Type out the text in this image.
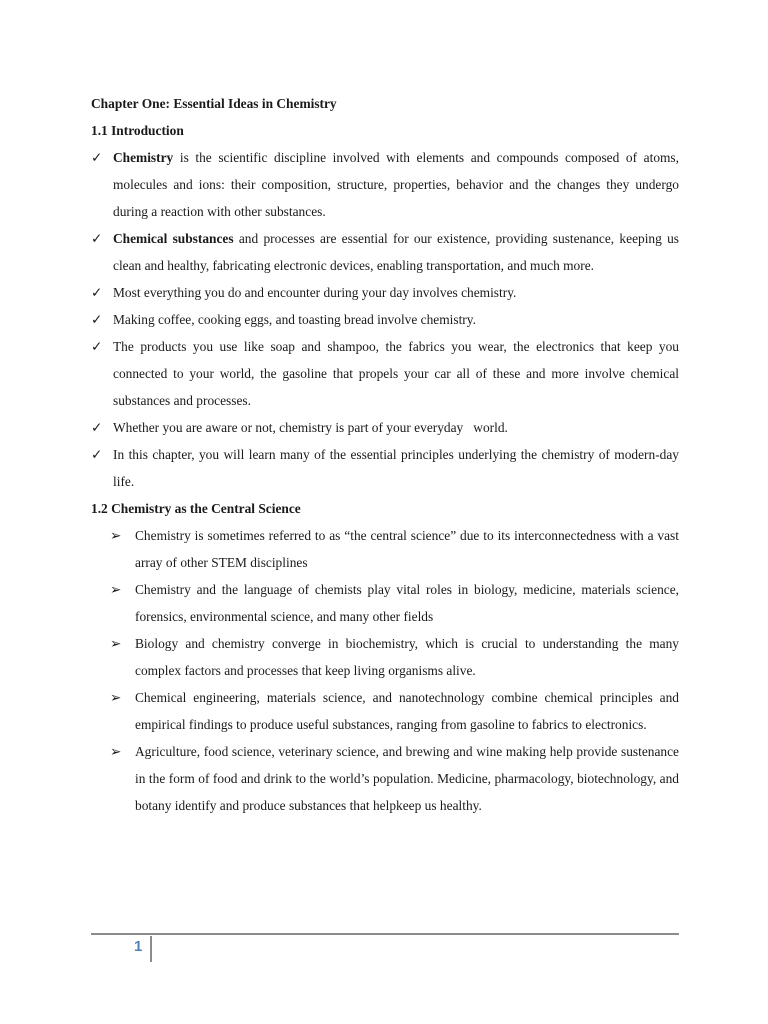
Chapter One: Essential Ideas in Chemistry

1.1 Introduction

✓ Chemistry is the scientific discipline involved with elements and compounds composed of atoms, molecules and ions: their composition, structure, properties, behavior and the changes they undergo during a reaction with other substances.
✓ Chemical substances and processes are essential for our existence, providing sustenance, keeping us clean and healthy, fabricating electronic devices, enabling transportation, and much more.
✓ Most everything you do and encounter during your day involves chemistry.
✓ Making coffee, cooking eggs, and toasting bread involve chemistry.
✓ The products you use like soap and shampoo, the fabrics you wear, the electronics that keep you connected to your world, the gasoline that propels your car all of these and more involve chemical substances and processes.
✓ Whether you are aware or not, chemistry is part of your everyday   world.
✓ In this chapter, you will learn many of the essential principles underlying the chemistry of modern-day life.

1.2 Chemistry as the Central Science

➢	Chemistry is sometimes referred to as “the central science” due to its interconnectedness with a vast array of other STEM disciplines
➢	Chemistry and the language of chemists play vital roles in biology, medicine, materials science, forensics, environmental science, and many other fields
➢	Biology and chemistry converge in biochemistry, which is crucial to understanding the many complex factors and processes that keep living organisms alive.
➢	Chemical engineering, materials science, and nanotechnology combine chemical principles and empirical findings to produce useful substances, ranging from gasoline to fabrics to electronics.
➢	Agriculture, food science, veterinary science, and brewing and wine making help provide sustenance in the form of food and drink to the world’s population. Medicine, pharmacology, biotechnology, and botany identify and produce substances that helpkeep us healthy.
1
